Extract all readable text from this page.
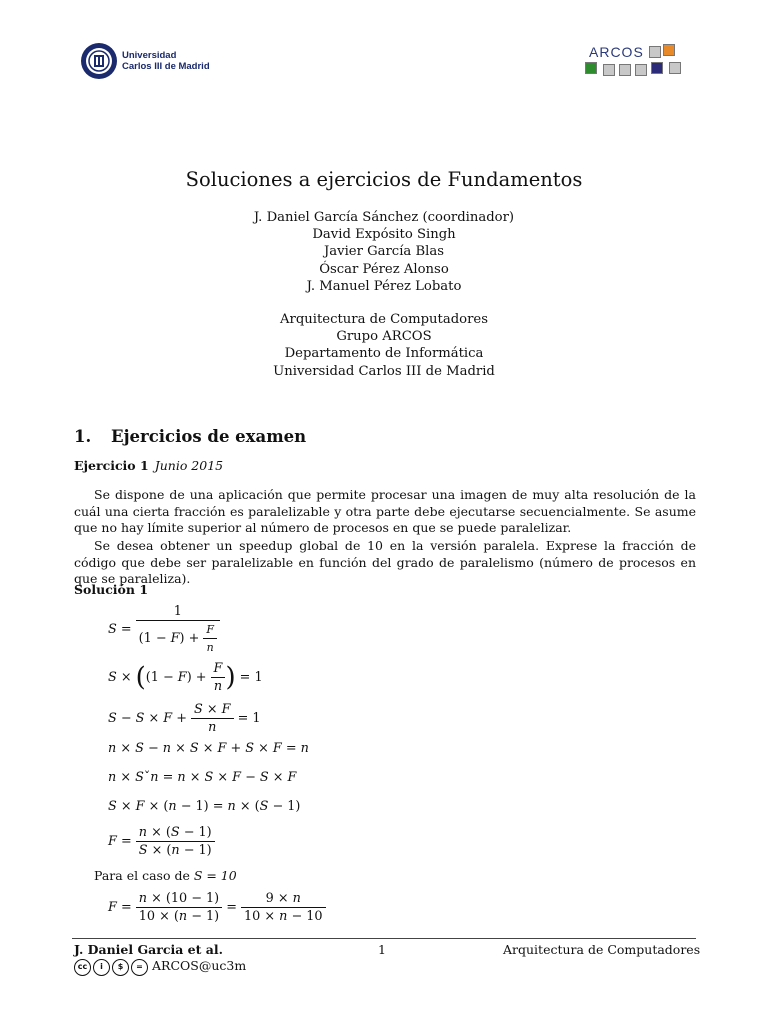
Universidad
Carlos III de Madrid
ARCOS
Soluciones a ejercicios de Fundamentos
J. Daniel García Sánchez (coordinador)
David Expósito Singh
Javier García Blas
Óscar Pérez Alonso
J. Manuel Pérez Lobato
Arquitectura de Computadores
Grupo ARCOS
Departamento de Informática
Universidad Carlos III de Madrid
1. Ejercicios de examen
Ejercicio 1 Junio 2015
Se dispone de una aplicación que permite procesar una imagen de muy alta resolución de la cuál una cierta fracción es paralelizable y otra parte debe ejecutarse secuencialmente. Se asume que no hay límite superior al número de procesos en que se puede paralelizar.
Se desea obtener un speedup global de 10 en la versión paralela. Exprese la fracción de código que debe ser paralelizable en función del grado de paralelismo (número de procesos en que se paraleliza).
Solución 1
$S = \frac{1}{(1 - F) + \frac{F}{n}}$
$S \times ((1 - F) + \frac{F}{n}$ ) = 1
$S - S \times F + \frac{S \times F}{n} = 1$
n × S − n × S × F + S × F = n
n × Sˇn = n × S × F − S × F
S × F × (n − 1) = n × (S − 1)
$F = \frac{n \times (S - 1)}{S \times (n - 1)}$
Para el caso de S = 10
$F = \frac{n \times (10 - 1)}{10 \times (n - 1)} = \frac{9 \times n}{10 \times n - 10}$
J. Daniel Garcia et al.	1	Arquitectura de Computadores
cc	i	$	= ARCOS@uc3m
